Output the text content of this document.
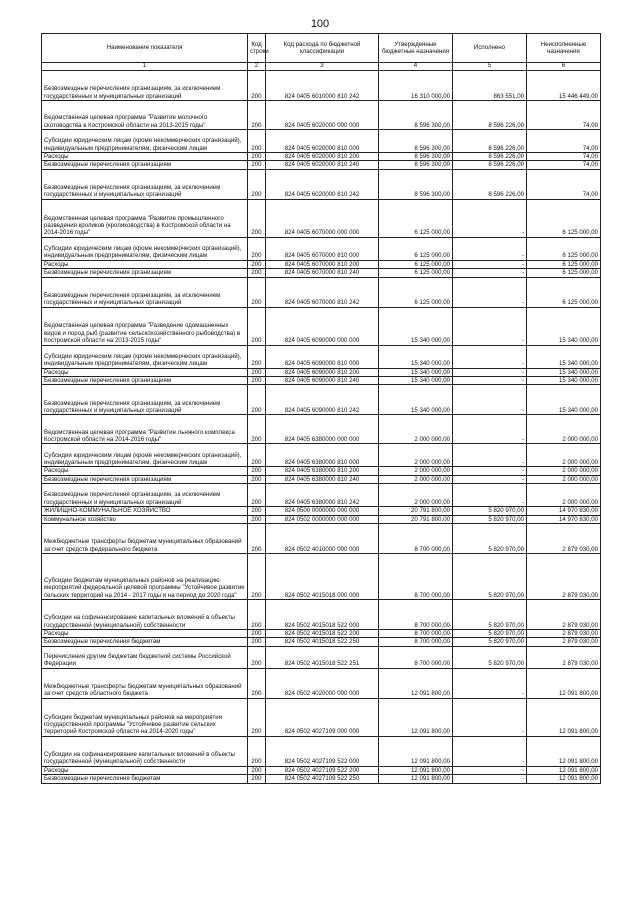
100
Наименование показателя	Код строки	Код расхода по бюджетной классификации	Утвержденные бюджетные назначения	Исполнено	Неисполненные назначения
1	2	3	4	5	6
Безвозмездные перечисления организациям, за исключением государственных и муниципальных организаций	200	824 0405 6010000 810 242	16 310 000,00	863 551,00	15 446 449,00
Ведомственная целевая программа "Развитие молочного скотоводства в Костромской области на 2013-2015 годы"	200	824 0405 6020000 000 000	8 596 300,00	8 596 226,00	74,00
Субсидии юридическим лицам (кроме некоммерческих организаций), индивидуальным предпринимателям, физическим лицам	200	824 0405 6020000 810 000	8 596 300,00	8 596 226,00	74,00
Расходы	200	824 0405 6020000 810 200	8 596 300,00	8 596 226,00	74,00
Безвозмездные перечисления организациям	200	824 0405 6020000 810 240	8 596 300,00	8 596 226,00	74,00
Безвозмездные перечисления организациям, за исключением государственных и муниципальных организаций	200	824 0405 6020000 810 242	8 596 300,00	8 596 226,00	74,00
Ведомственная целевая программа "Развитие промышленного разведения кроликов (кролиководства) в Костромской области на 2014-2016 годы"	200	824 0405 6070000 000 000	6 125 000,00	-	6 125 000,00
Субсидии юридическим лицам (кроме некоммерческих организаций), индивидуальным предпринимателям, физическим лицам	200	824 0405 6070000 810 000	6 125 000,00	-	6 125 000,00
Расходы	200	824 0405 6070000 810 200	6 125 000,00	-	6 125 000,00
Безвозмездные перечисления организациям	200	824 0405 6070000 810 240	6 125 000,00	-	6 125 000,00
Безвозмездные перечисления организациям, за исключением государственных и муниципальных организаций	200	824 0405 6070000 810 242	6 125 000,00	-	6 125 000,00
Ведомственная целевая программа "Разведение одомашненных видов и пород рыб (развитие сельскохозяйственного рыбоводства) в Костромской области на 2013-2015 годы"	200	824 0405 6090000 000 000	15 340 000,00	-	15 340 000,00
Субсидии юридическим лицам (кроме некоммерческих организаций), индивидуальным предпринимателям, физическим лицам	200	824 0405 6090000 810 000	15 340 000,00	-	15 340 000,00
Расходы	200	824 0405 6090000 810 200	15 340 000,00	-	15 340 000,00
Безвозмездные перечисления организациям	200	824 0405 6090000 810 240	15 340 000,00	-	15 340 000,00
Безвозмездные перечисления организациям, за исключением государственных и муниципальных организаций	200	824 0405 6090000 810 242	15 340 000,00	-	15 340 000,00
Ведомственная целевая программа "Развитие льняного комплекса Костромской области на 2014-2016 годы"	200	824 0405 6380000 000 000	2 000 000,00	-	2 000 000,00
Субсидии юридическим лицам (кроме некоммерческих организаций), индивидуальным предпринимателям, физическим лицам	200	824 0405 6380000 810 000	2 000 000,00	-	2 000 000,00
Расходы	200	824 0405 6380000 810 200	2 000 000,00	-	2 000 000,00
Безвозмездные перечисления организациям	200	824 0405 6380000 810 240	2 000 000,00	-	2 000 000,00
Безвозмездные перечисления организациям, за исключением государственных и муниципальных организаций	200	824 0405 6380000 810 242	2 000 000,00	-	2 000 000,00
ЖИЛИЩНО-КОММУНАЛЬНОЕ ХОЗЯЙСТВО	200	824 0500 0000000 000 000	20 791 800,00	5 820 970,00	14 970 830,00
Коммунальное хозяйство	200	824 0502 0000000 000 000	20 791 800,00	5 820 970,00	14 970 830,00
Межбюджетные трансферты бюджетам муниципальных образований за счет средств федерального бюджета	200	824 0502 4010000 000 000	8 700 000,00	5 820 970,00	2 879 030,00
Субсидии бюджетам муниципальных районов на реализацию мероприятий федеральной целевой программы "Устойчивое развитие сельских территорий на 2014 - 2017 годы и на период до 2020 года"	200	824 0502 4015018 000 000	8 700 000,00	5 820 970,00	2 879 030,00
Субсидии на софинансирование капитальных вложений в объекты государственной (муниципальной) собственности	200	824 0502 4015018 522 000	8 700 000,00	5 820 970,00	2 879 030,00
Расходы	200	824 0502 4015018 522 200	8 700 000,00	5 820 970,00	2 879 030,00
Безвозмездные перечисления бюджетам	200	824 0502 4015018 522 250	8 700 000,00	5 820 970,00	2 879 030,00
Перечисления другим бюджетам бюджетной системы Российской Федерации	200	824 0502 4015018 522 251	8 700 000,00	5 820 970,00	2 879 030,00
Межбюджетные трансферты бюджетам муниципальных образований за счет средств областного бюджета	200	824 0502 4020000 000 000	12 091 800,00	-	12 091 800,00
Субсидии бюджетам муниципальных районов на мероприятия государственной программы "Устойчивое развитие сельских территорий Костромской области на 2014-2020 годы"	200	824 0502 4027109 000 000	12 091 800,00	-	12 091 800,00
Субсидии на софинансирование капитальных вложений в объекты государственной (муниципальной) собственности	200	824 0502 4027109 522 000	12 091 800,00	-	12 091 800,00
Расходы	200	824 0502 4027109 522 200	12 091 800,00	-	12 091 800,00
Безвозмездные перечисления бюджетам	200	824 0502 4027109 522 250	12 091 800,00	-	12 091 800,00
